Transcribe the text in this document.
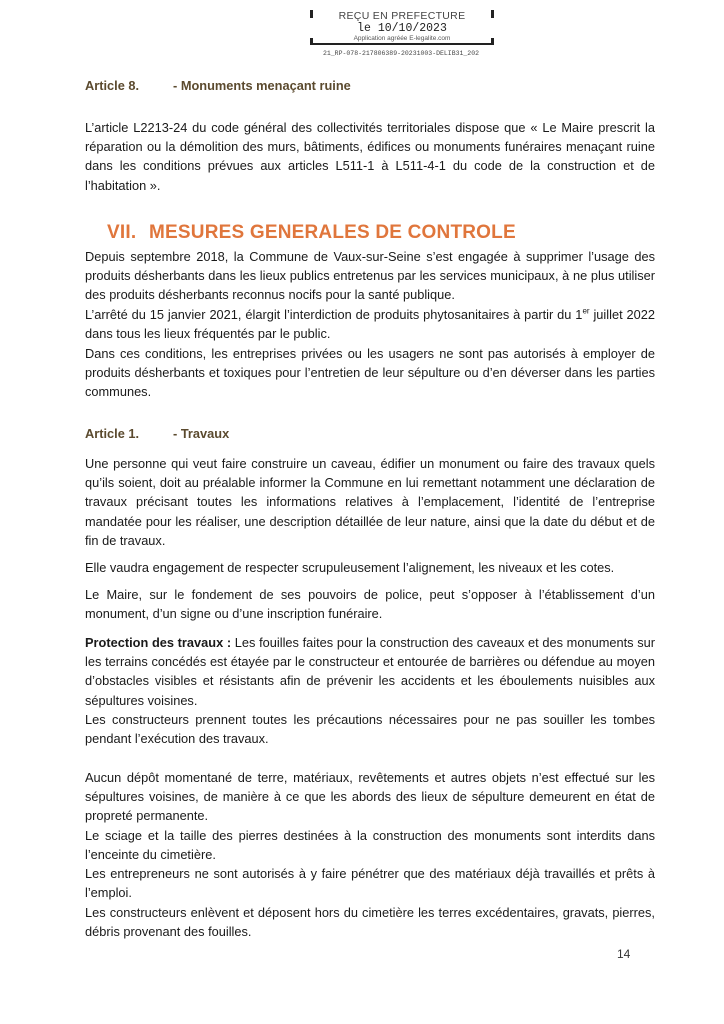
REÇU EN PREFECTURE
le 10/10/2023
Application agréée E-legalite.com
21_RP-078-217806389-20231003-DELIB31_202
Article 8.	- Monuments menaçant ruine

L’article L2213-24 du code général des collectivités territoriales dispose que « Le Maire prescrit la réparation ou la démolition des murs, bâtiments, édifices ou monuments funéraires menaçant ruine dans les conditions prévues aux articles L511-1 à L511-4-1 du code de la construction et de l’habitation ».

VII. MESURES GENERALES DE CONTROLE

Depuis septembre 2018, la Commune de Vaux-sur-Seine s’est engagée à supprimer l’usage des produits désherbants dans les lieux publics entretenus par les services municipaux, à ne plus utiliser des produits désherbants reconnus nocifs pour la santé publique.

L’arrêté du 15 janvier 2021, élargit l’interdiction de produits phytosanitaires à partir du 1er juillet 2022 dans tous les lieux fréquentés par le public.

Dans ces conditions, les entreprises privées ou les usagers ne sont pas autorisés à employer de produits désherbants et toxiques pour l’entretien de leur sépulture ou d’en déverser dans les parties communes.

Article 1.	- Travaux

Une personne qui veut faire construire un caveau, édifier un monument ou faire des travaux quels qu’ils soient, doit au préalable informer la Commune en lui remettant notamment une déclaration de travaux précisant toutes les informations relatives à l’emplacement, l’identité de l’entreprise mandatée pour les réaliser, une description détaillée de leur nature, ainsi que la date du début et de fin de travaux.

Elle vaudra engagement de respecter scrupuleusement l’alignement, les niveaux et les cotes.

Le Maire, sur le fondement de ses pouvoirs de police, peut s’opposer à l’établissement d’un monument, d’un signe ou d’une inscription funéraire.

Protection des travaux : Les fouilles faites pour la construction des caveaux et des monuments sur les terrains concédés est étayée par le constructeur et entourée de barrières ou défendue au moyen d’obstacles visibles et résistants afin de prévenir les accidents et les éboulements nuisibles aux sépultures voisines.

Les constructeurs prennent toutes les précautions nécessaires pour ne pas souiller les tombes pendant l’exécution des travaux.

Aucun dépôt momentané de terre, matériaux, revêtements et autres objets n’est effectué sur les sépultures voisines, de manière à ce que les abords des lieux de sépulture demeurent en état de propreté permanente.

Le sciage et la taille des pierres destinées à la construction des monuments sont interdits dans l’enceinte du cimetière.

Les entrepreneurs ne sont autorisés à y faire pénétrer que des matériaux déjà travaillés et prêts à l’emploi.

Les constructeurs enlèvent et déposent hors du cimetière les terres excédentaires, gravats, pierres, débris provenant des fouilles.

14
